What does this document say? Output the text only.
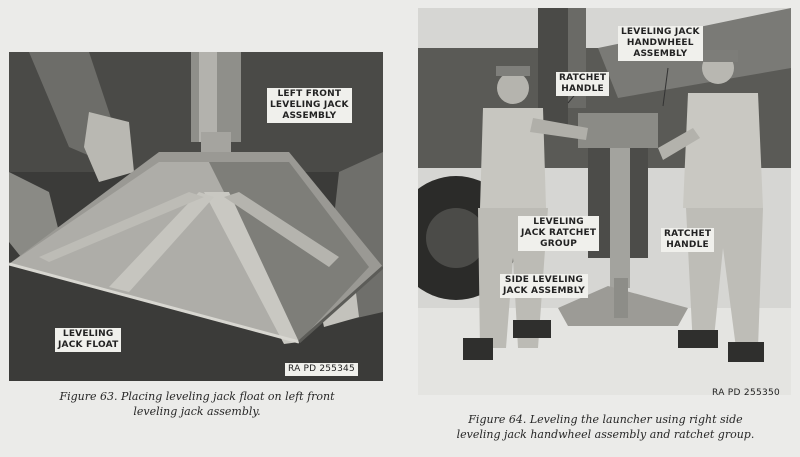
LEFT FRONT
LEVELING JACK
ASSEMBLY
LEVELING
JACK FLOAT
RA PD 255345
LEVELING JACK
HANDWHEEL
ASSEMBLY
RATCHET
HANDLE
LEVELING
JACK RATCHET
GROUP
RATCHET
HANDLE
SIDE LEVELING
JACK ASSEMBLY
RA PD 255350
Figure 63. Placing leveling jack float on left front
leveling jack assembly.
Figure 64. Leveling the launcher using right side
leveling jack handwheel assembly and ratchet group.
